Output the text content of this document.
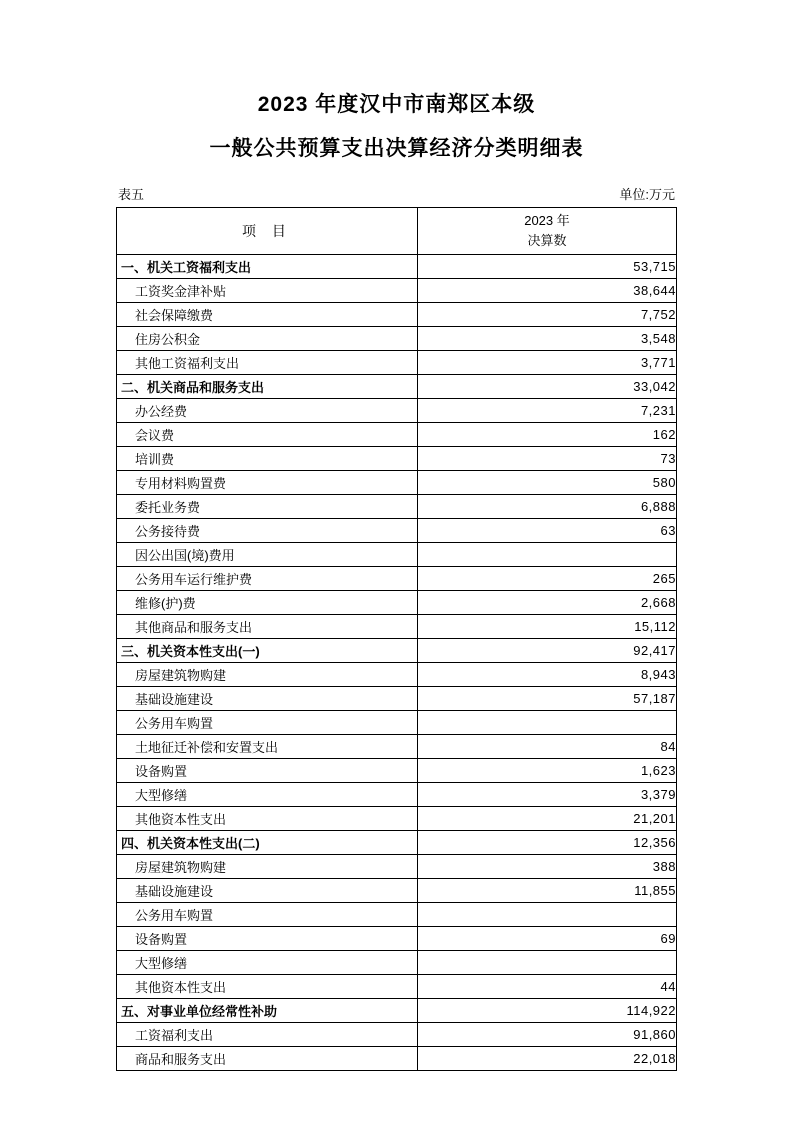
2023 年度汉中市南郑区本级
一般公共预算支出决算经济分类明细表
表五	单位:万元
项 目	2023 年
决算数

一、机关工资福利支出	53,715
工资奖金津补贴	38,644
社会保障缴费	7,752
住房公积金	3,548
其他工资福利支出	3,771
二、机关商品和服务支出	33,042
办公经费	7,231
会议费	162
培训费	73
专用材料购置费	580
委托业务费	6,888
公务接待费	63
因公出国(境)费用	
公务用车运行维护费	265
维修(护)费	2,668
其他商品和服务支出	15,112
三、机关资本性支出(一)	92,417
房屋建筑物购建	8,943
基础设施建设	57,187
公务用车购置	
土地征迁补偿和安置支出	84
设备购置	1,623
大型修缮	3,379
其他资本性支出	21,201
四、机关资本性支出(二)	12,356
房屋建筑物购建	388
基础设施建设	11,855
公务用车购置	
设备购置	69
大型修缮	
其他资本性支出	44
五、对事业单位经常性补助	114,922
工资福利支出	91,860
商品和服务支出	22,018
